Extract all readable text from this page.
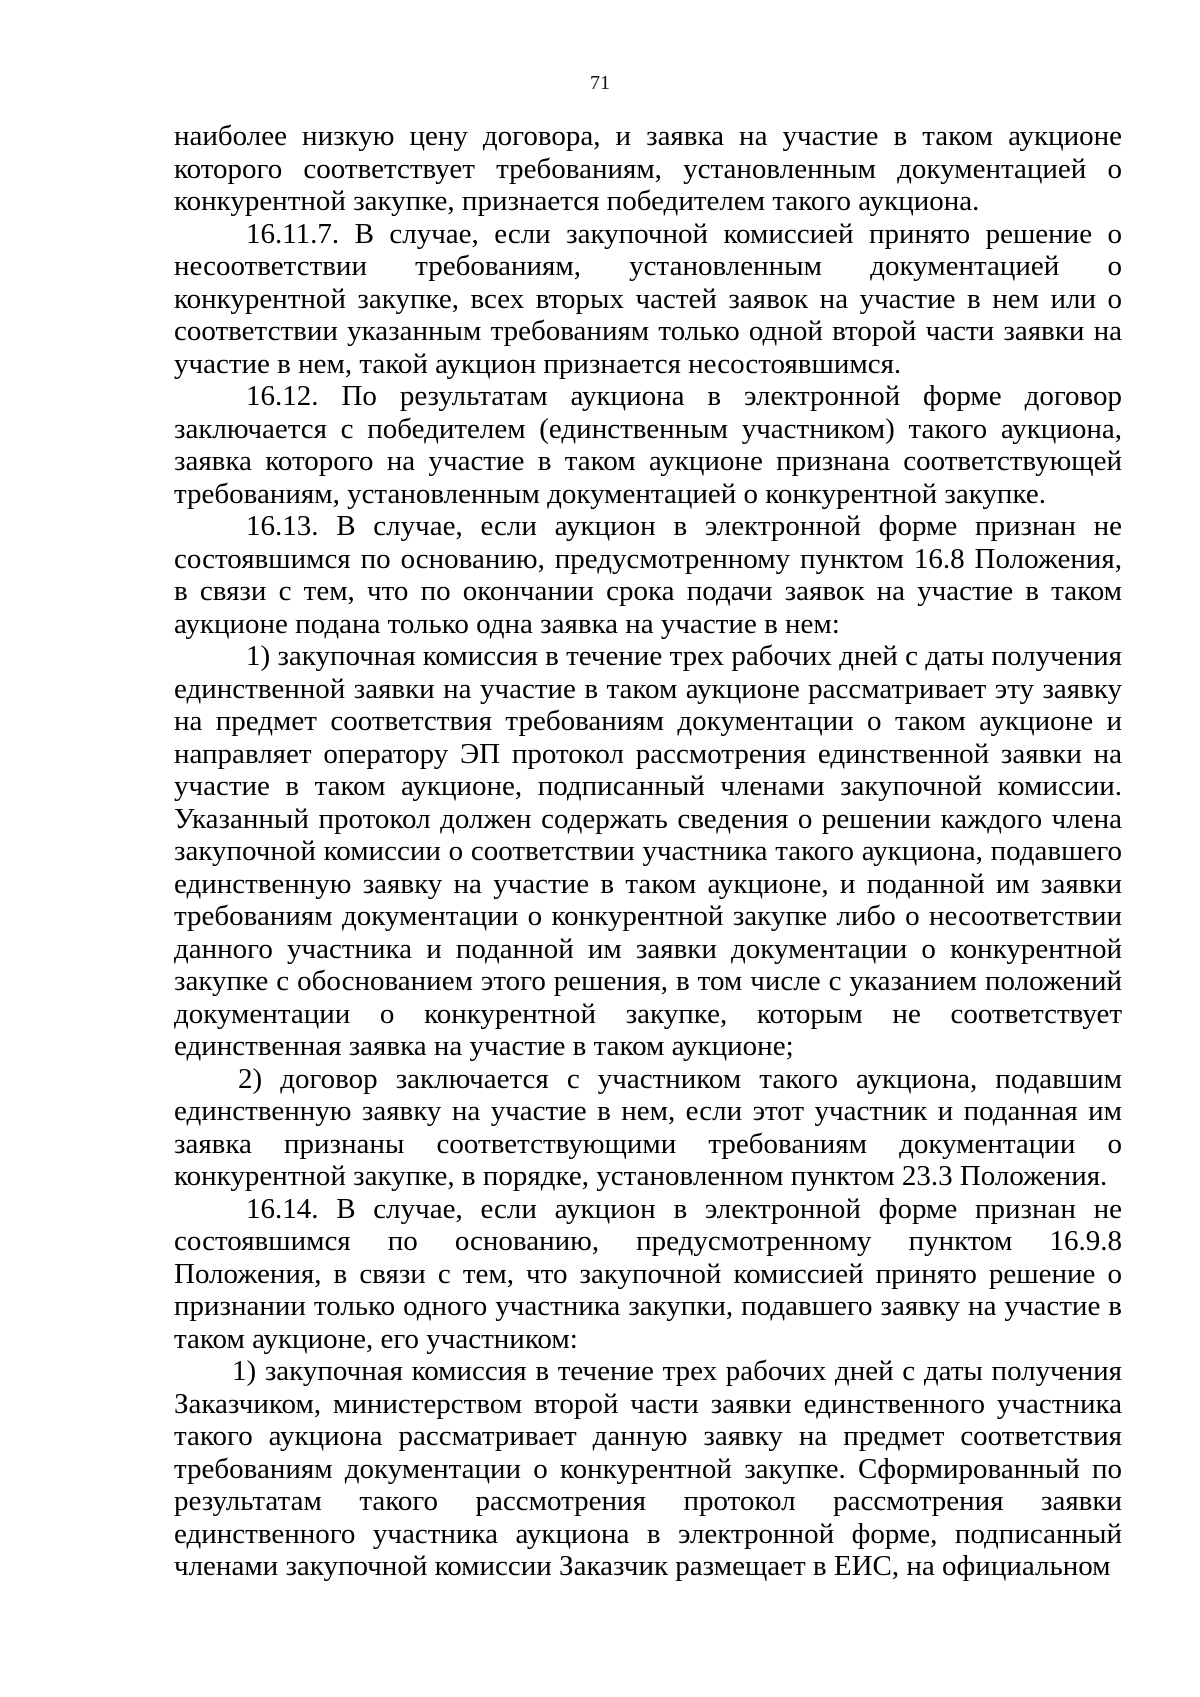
71

наиболее низкую цену договора, и заявка на участие в таком аукционе которого соответствует требованиям, установленным документацией о конкурентной закупке, признается победителем такого аукциона.

16.11.7. В случае, если закупочной комиссией принято решение о несоответствии требованиям, установленным документацией о конкурентной закупке, всех вторых частей заявок на участие в нем или о соответствии указанным требованиям только одной второй части заявки на участие в нем, такой аукцион признается несостоявшимся.

16.12. По результатам аукциона в электронной форме договор заключается с победителем (единственным участником) такого аукциона, заявка которого на участие в таком аукционе признана соответствующей требованиям, установленным документацией о конкурентной закупке.

16.13. В случае, если аукцион в электронной форме признан не состоявшимся по основанию, предусмотренному пунктом 16.8 Положения, в связи с тем, что по окончании срока подачи заявок на участие в таком аукционе подана только одна заявка на участие в нем:

1) закупочная комиссия в течение трех рабочих дней с даты получения единственной заявки на участие в таком аукционе рассматривает эту заявку на предмет соответствия требованиям документации о таком аукционе и направляет оператору ЭП протокол рассмотрения единственной заявки на участие в таком аукционе, подписанный членами закупочной комиссии. Указанный протокол должен содержать сведения о решении каждого члена закупочной комиссии о соответствии участника такого аукциона, подавшего единственную заявку на участие в таком аукционе, и поданной им заявки требованиям документации о конкурентной закупке либо о несоответствии данного участника и поданной им заявки документации о конкурентной закупке с обоснованием этого решения, в том числе с указанием положений документации о конкурентной закупке, которым не соответствует единственная заявка на участие в таком аукционе;

2) договор заключается с участником такого аукциона, подавшим единственную заявку на участие в нем, если этот участник и поданная им заявка признаны соответствующими требованиям документации о конкурентной закупке, в порядке, установленном пунктом 23.3 Положения.

16.14. В случае, если аукцион в электронной форме признан не состоявшимся по основанию, предусмотренному пунктом 16.9.8 Положения, в связи с тем, что закупочной комиссией принято решение о признании только одного участника закупки, подавшего заявку на участие в таком аукционе, его участником:

1) закупочная комиссия в течение трех рабочих дней с даты получения Заказчиком, министерством второй части заявки единственного участника такого аукциона рассматривает данную заявку на предмет соответствия требованиям документации о конкурентной закупке. Сформированный по результатам такого рассмотрения протокол рассмотрения заявки единственного участника аукциона в электронной форме, подписанный членами закупочной комиссии Заказчик размещает в ЕИС, на официальном
